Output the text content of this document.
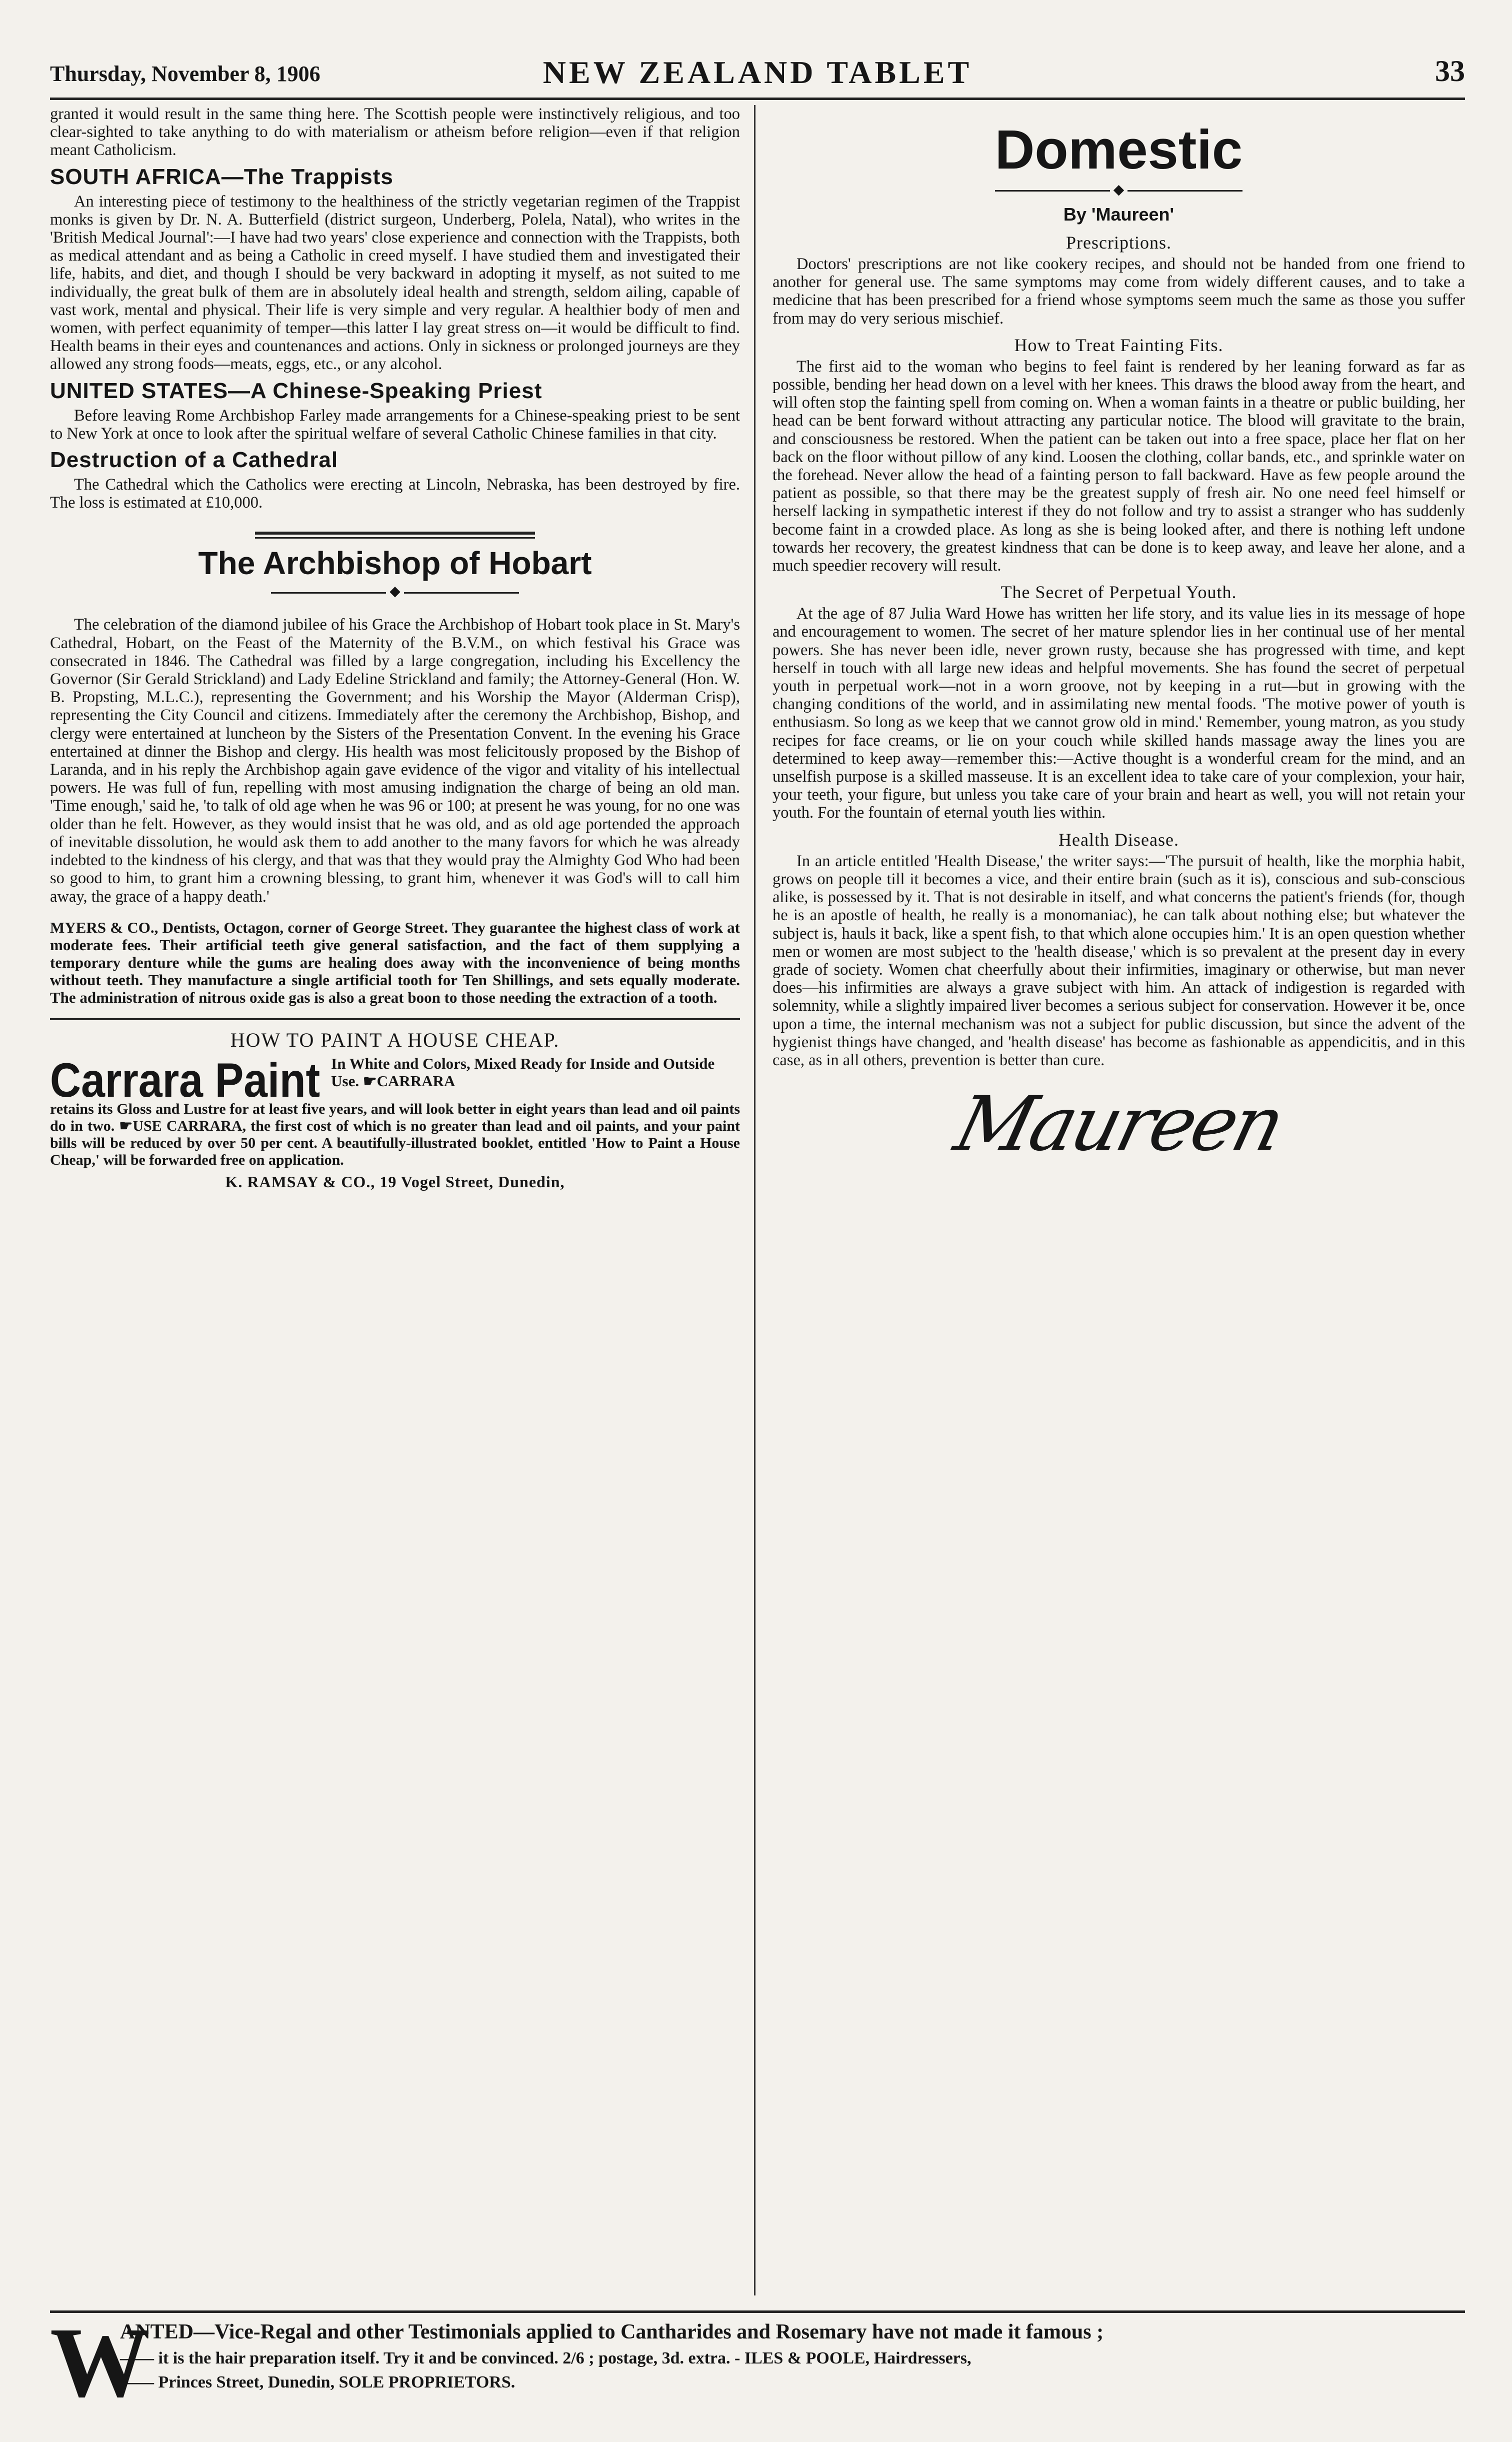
Thursday, November 8, 1906	NEW ZEALAND TABLET	33

granted it would result in the same thing here. The Scottish people were instinctively religious, and too clear-sighted to take anything to do with materialism or atheism before religion—even if that religion meant Catholicism.

SOUTH AFRICA—The Trappists

An interesting piece of testimony to the healthiness of the strictly vegetarian regimen of the Trappist monks is given by Dr. N. A. Butterfield (district surgeon, Underberg, Polela, Natal), who writes in the 'British Medical Journal':—I have had two years' close experience and connection with the Trappists, both as medical attendant and as being a Catholic in creed myself. I have studied them and investigated their life, habits, and diet, and though I should be very backward in adopting it myself, as not suited to me individually, the great bulk of them are in absolutely ideal health and strength, seldom ailing, capable of vast work, mental and physical. Their life is very simple and very regular. A healthier body of men and women, with perfect equanimity of temper—this latter I lay great stress on—it would be difficult to find. Health beams in their eyes and countenances and actions. Only in sickness or prolonged journeys are they allowed any strong foods—meats, eggs, etc., or any alcohol.

UNITED STATES—A Chinese-Speaking Priest

Before leaving Rome Archbishop Farley made arrangements for a Chinese-speaking priest to be sent to New York at once to look after the spiritual welfare of several Catholic Chinese families in that city.

Destruction of a Cathedral

The Cathedral which the Catholics were erecting at Lincoln, Nebraska, has been destroyed by fire. The loss is estimated at £10,000.

The Archbishop of Hobart
◆

The celebration of the diamond jubilee of his Grace the Archbishop of Hobart took place in St. Mary's Cathedral, Hobart, on the Feast of the Maternity of the B.V.M., on which festival his Grace was consecrated in 1846. The Cathedral was filled by a large congregation, including his Excellency the Governor (Sir Gerald Strickland) and Lady Edeline Strickland and family; the Attorney-General (Hon. W. B. Propsting, M.L.C.), representing the Government; and his Worship the Mayor (Alderman Crisp), representing the City Council and citizens. Immediately after the ceremony the Archbishop, Bishop, and clergy were entertained at luncheon by the Sisters of the Presentation Convent. In the evening his Grace entertained at dinner the Bishop and clergy. His health was most felicitously proposed by the Bishop of Laranda, and in his reply the Archbishop again gave evidence of the vigor and vitality of his intellectual powers. He was full of fun, repelling with most amusing indignation the charge of being an old man. 'Time enough,' said he, 'to talk of old age when he was 96 or 100; at present he was young, for no one was older than he felt. However, as they would insist that he was old, and as old age portended the approach of inevitable dissolution, he would ask them to add another to the many favors for which he was already indebted to the kindness of his clergy, and that was that they would pray the Almighty God Who had been so good to him, to grant him a crowning blessing, to grant him, whenever it was God's will to call him away, the grace of a happy death.'

MYERS & CO., Dentists, Octagon, corner of George Street. They guarantee the highest class of work at moderate fees. Their artificial teeth give general satisfaction, and the fact of them supplying a temporary denture while the gums are healing does away with the inconvenience of being months without teeth. They manufacture a single artificial tooth for Ten Shillings, and sets equally moderate. The administration of nitrous oxide gas is also a great boon to those needing the extraction of a tooth.

HOW TO PAINT A HOUSE CHEAP.
Carrara Paint In White and Colors, Mixed Ready for Inside and Outside Use. ☛CARRARA

retains its Gloss and Lustre for at least five years, and will look better in eight years than lead and oil paints do in two. ☛USE CARRARA, the first cost of which is no greater than lead and oil paints, and your paint bills will be reduced by over 50 per cent. A beautifully-illustrated booklet, entitled 'How to Paint a House Cheap,' will be forwarded free on application.

K. RAMSAY & CO., 19 Vogel Street, Dunedin,
Domestic
◆
By 'Maureen'
Prescriptions.

Doctors' prescriptions are not like cookery recipes, and should not be handed from one friend to another for general use. The same symptoms may come from widely different causes, and to take a medicine that has been prescribed for a friend whose symptoms seem much the same as those you suffer from may do very serious mischief.

How to Treat Fainting Fits.

The first aid to the woman who begins to feel faint is rendered by her leaning forward as far as possible, bending her head down on a level with her knees. This draws the blood away from the heart, and will often stop the fainting spell from coming on. When a woman faints in a theatre or public building, her head can be bent forward without attracting any particular notice. The blood will gravitate to the brain, and consciousness be restored. When the patient can be taken out into a free space, place her flat on her back on the floor without pillow of any kind. Loosen the clothing, collar bands, etc., and sprinkle water on the forehead. Never allow the head of a fainting person to fall backward. Have as few people around the patient as possible, so that there may be the greatest supply of fresh air. No one need feel himself or herself lacking in sympathetic interest if they do not follow and try to assist a stranger who has suddenly become faint in a crowded place. As long as she is being looked after, and there is nothing left undone towards her recovery, the greatest kindness that can be done is to keep away, and leave her alone, and a much speedier recovery will result.

The Secret of Perpetual Youth.

At the age of 87 Julia Ward Howe has written her life story, and its value lies in its message of hope and encouragement to women. The secret of her mature splendor lies in her continual use of her mental powers. She has never been idle, never grown rusty, because she has progressed with time, and kept herself in touch with all large new ideas and helpful movements. She has found the secret of perpetual youth in perpetual work—not in a worn groove, not by keeping in a rut—but in growing with the changing conditions of the world, and in assimilating new mental foods. 'The motive power of youth is enthusiasm. So long as we keep that we cannot grow old in mind.' Remember, young matron, as you study recipes for face creams, or lie on your couch while skilled hands massage away the lines you are determined to keep away—remember this:—Active thought is a wonderful cream for the mind, and an unselfish purpose is a skilled masseuse. It is an excellent idea to take care of your complexion, your hair, your teeth, your figure, but unless you take care of your brain and heart as well, you will not retain your youth. For the fountain of eternal youth lies within.

Health Disease.

In an article entitled 'Health Disease,' the writer says:—'The pursuit of health, like the morphia habit, grows on people till it becomes a vice, and their entire brain (such as it is), conscious and sub-conscious alike, is possessed by it. That is not desirable in itself, and what concerns the patient's friends (for, though he is an apostle of health, he really is a monomaniac), he can talk about nothing else; but whatever the subject is, hauls it back, like a spent fish, to that which alone occupies him.' It is an open question whether men or women are most subject to the 'health disease,' which is so prevalent at the present day in every grade of society. Women chat cheerfully about their infirmities, imaginary or otherwise, but man never does—his infirmities are always a grave subject with him. An attack of indigestion is regarded with solemnity, while a slightly impaired liver becomes a serious subject for conservation. However it be, once upon a time, the internal mechanism was not a subject for public discussion, but since the advent of the hygienist things have changed, and 'health disease' has become as fashionable as appendicitis, and in this case, as in all others, prevention is better than cure.

Maureen
W
ANTED—Vice-Regal and other Testimonials applied to Cantharides and Rosemary have not made it famous ;
—— it is the hair preparation itself. Try it and be convinced. 2/6 ; postage, 3d. extra. - ILES & POOLE, Hairdressers,
—— Princes Street, Dunedin, SOLE PROPRIETORS.
